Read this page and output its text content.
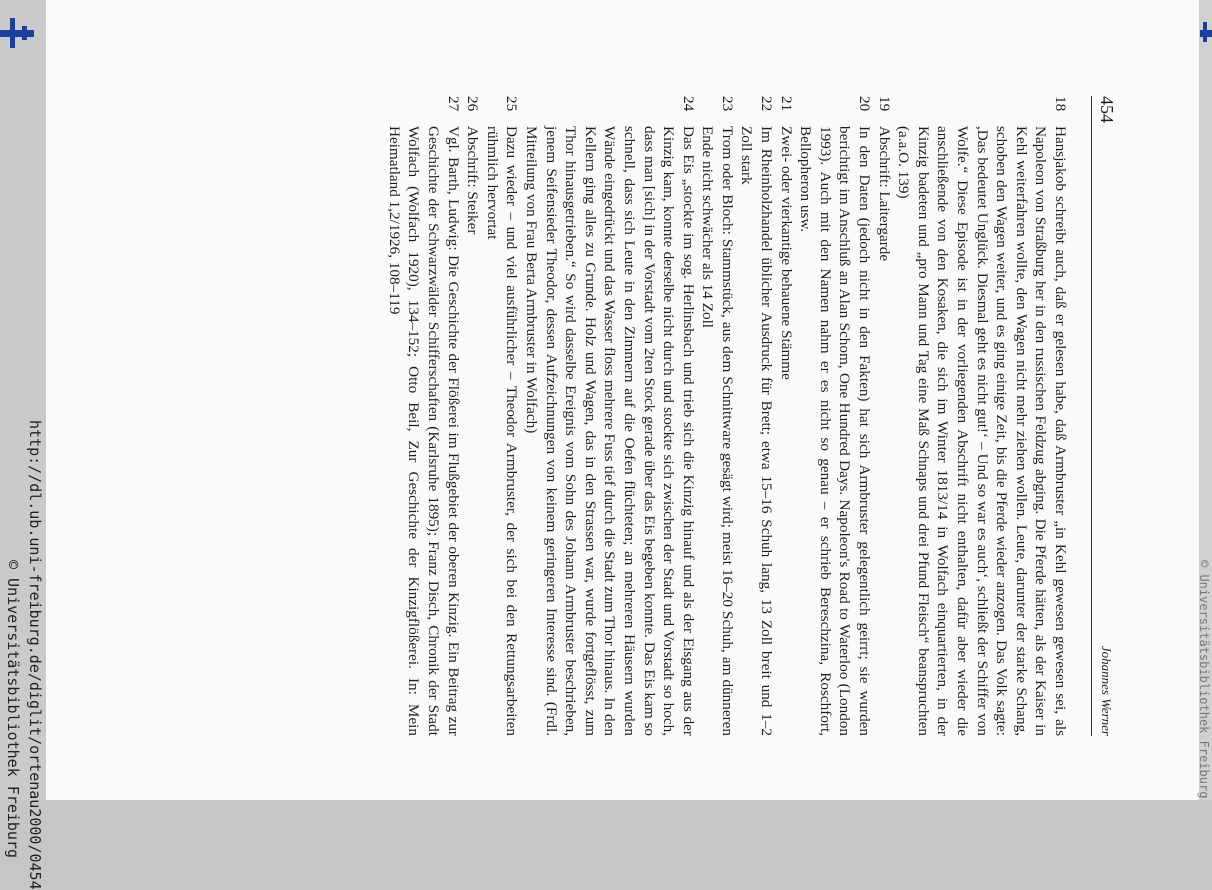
http://dl.ub.uni-freiburg.de/diglit/ortenau2000/0454
© Universitätsbibliothek Freiburg	© Universitätsbibliothek Freiburg
454
Johannes Werner
18
Hansjakob schreibt auch, daß er gelesen habe, daß Armbruster „in Kehl gewesen gewesen sei, als Napoleon von Straßburg her in den russischen Feldzug abging. Die Pferde hätten, als der Kaiser in Kehl weiterfahren wollte, den Wagen nicht mehr ziehen wollen. Leute, darunter der starke Schang, schoben den Wagen weiter, und es ging einige Zeit, bis die Pferde wieder anzogen. Das Volk sagte: ,Das bedeutet Unglück. Diesmal geht es nicht gut!‘ – Und so war es auch‘, schließt der Schiffer von Wolfe.“ Diese Episode ist in der vorliegenden Abschrift nicht enthalten, dafür aber wieder die anschließende von den Kosaken, die sich im Winter 1813/14 in Wolfach einquartierten, in der Kinzig badeten und „pro Mann und Tag eine Maß Schnaps und drei Pfund Fleisch“ beanspruchten (a.a.O. 139)
19
Abschrift: Laitergarde
20
In den Daten (jedoch nicht in den Fakten) hat sich Armbruster gelegentlich geirrt; sie wurden berichtigt im Anschluß an Alan Schom, One Hundred Days. Napoleon's Road to Waterloo (London 1993). Auch mit den Namen nahm er es nicht so genau – er schrieb Bereschzina, Roschfort, Bellopheron usw.
21
Zwei- oder vierkantige behauene Stämme
22
Im Rheinholzhandel üblicher Ausdruck für Brett; etwa 15–16 Schuh lang, 13 Zoll breit und 1–2 Zoll stark
23
Trom oder Bloch: Stammstück, aus dem Schnittware gesägt wird; meist 16–20 Schuh, am dünneren Ende nicht schwächer als 14 Zoll
24
Das Eis „stockte im sog. Herlinsbach und trieb sich die Kinzig hinauf und als der Eisgang aus der Kinzig kam, konnte derselbe nicht durch und stockte sich zwischen der Stadt und Vorstadt so hoch, dass man [sich] in der Vorstadt vom 2ten Stock gerade über das Eis begeben konnte. Das Eis kam so schnell, dass sich Leute in den Zimmern auf die Oefen flüchteten; an mehreren Häusern wurden Wände eingedrückt und das Wasser floss mehrere Fuss tief durch die Stadt zum Thor hinaus. In den Kellern ging alles zu Grunde. Holz und Wagen, das in den Strassen war, wurde fortgeflösst, zum Thor hinausgetrieben.“ So wird dasselbe Ereignis vom Sohn des Johann Armbruster beschrieben, jenem Seifensieder Theodor, dessen Aufzeichnungen von keinem geringeren Interesse sind. (Frdl. Mitteilung von Frau Berta Armbruster in Wolfach)
25
Dazu wieder – und viel ausführlicher – Theodor Armbruster, der sich bei den Rettungsarbeiten rühmlich hervortat
26
Abschrift: Steiker
27
Vgl. Barth, Ludwig: Die Geschichte der Flößerei im Flußgebiet der oberen Kinzig. Ein Beitrag zur Geschichte der Schwarzwälder Schifferschaften (Karlsruhe 1895); Franz Disch, Chronik der Stadt Wolfach (Wolfach 1920), 134–152; Otto Beil, Zur Geschichte der Kinzigflößerei. In: Mein Heimatland 1,2/1926, 108–119
